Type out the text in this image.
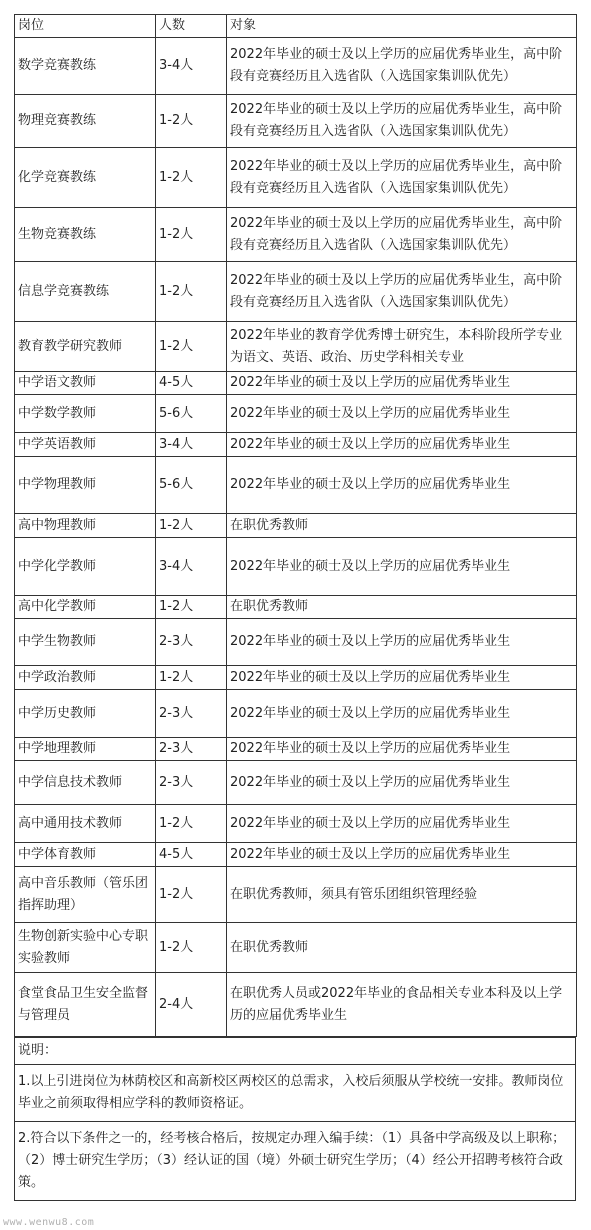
岗位	人数	对象
数学竞赛教练	3-4人	2022年毕业的硕士及以上学历的应届优秀毕业生，高中阶段有竞赛经历且入选省队（入选国家集训队优先）
物理竞赛教练	1-2人	2022年毕业的硕士及以上学历的应届优秀毕业生，高中阶段有竞赛经历且入选省队（入选国家集训队优先）
化学竞赛教练	1-2人	2022年毕业的硕士及以上学历的应届优秀毕业生，高中阶段有竞赛经历且入选省队（入选国家集训队优先）
生物竞赛教练	1-2人	2022年毕业的硕士及以上学历的应届优秀毕业生，高中阶段有竞赛经历且入选省队（入选国家集训队优先）
信息学竞赛教练	1-2人	2022年毕业的硕士及以上学历的应届优秀毕业生，高中阶段有竞赛经历且入选省队（入选国家集训队优先）
教育教学研究教师	1-2人	2022年毕业的教育学优秀博士研究生，本科阶段所学专业为语文、英语、政治、历史学科相关专业
中学语文教师	4-5人	2022年毕业的硕士及以上学历的应届优秀毕业生
中学数学教师	5-6人	2022年毕业的硕士及以上学历的应届优秀毕业生
中学英语教师	3-4人	2022年毕业的硕士及以上学历的应届优秀毕业生
中学物理教师	5-6人	2022年毕业的硕士及以上学历的应届优秀毕业生
高中物理教师	1-2人	在职优秀教师
中学化学教师	3-4人	2022年毕业的硕士及以上学历的应届优秀毕业生
高中化学教师	1-2人	在职优秀教师
中学生物教师	2-3人	2022年毕业的硕士及以上学历的应届优秀毕业生
中学政治教师	1-2人	2022年毕业的硕士及以上学历的应届优秀毕业生
中学历史教师	2-3人	2022年毕业的硕士及以上学历的应届优秀毕业生
中学地理教师	2-3人	2022年毕业的硕士及以上学历的应届优秀毕业生
中学信息技术教师	2-3人	2022年毕业的硕士及以上学历的应届优秀毕业生
高中通用技术教师	1-2人	2022年毕业的硕士及以上学历的应届优秀毕业生
中学体育教师	4-5人	2022年毕业的硕士及以上学历的应届优秀毕业生
高中音乐教师（管乐团指挥助理）	1-2人	在职优秀教师，须具有管乐团组织管理经验
生物创新实验中心专职实验教师	1-2人	在职优秀教师
食堂食品卫生安全监督与管理员	2-4人	在职优秀人员或2022年毕业的食品相关专业本科及以上学历的应届优秀毕业生
说明：
1.以上引进岗位为林荫校区和高新校区两校区的总需求，入校后须服从学校统一安排。教师岗位毕业之前须取得相应学科的教师资格证。
2.符合以下条件之一的，经考核合格后，按规定办理入编手续：（1）具备中学高级及以上职称；（2）博士研究生学历；（3）经认证的国（境）外硕士研究生学历；（4）经公开招聘考核符合政策。
www.wenwu8.com
